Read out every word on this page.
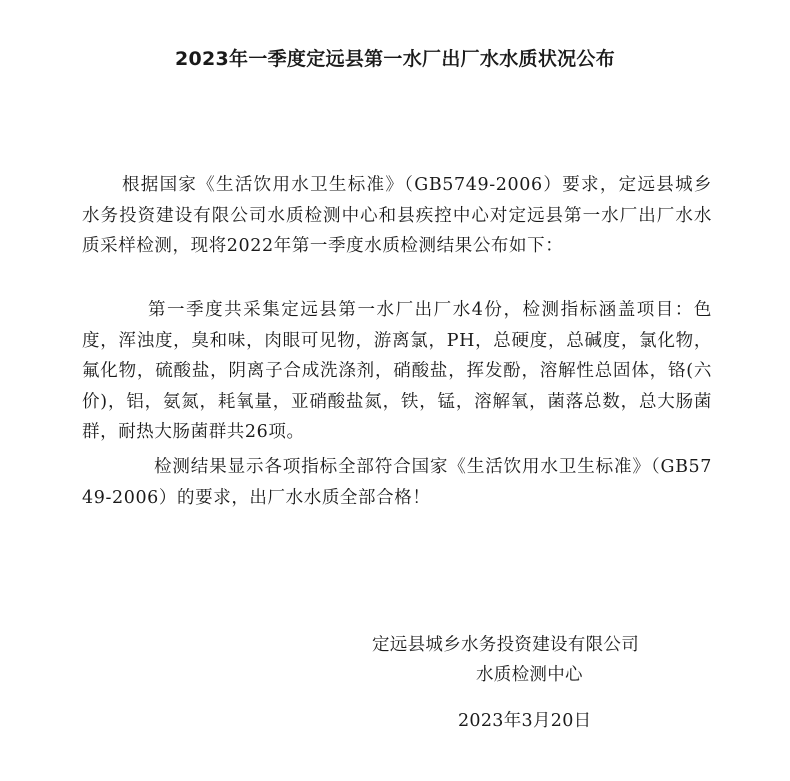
2023年一季度定远县第一水厂出厂水水质状况公布
根据国家《生活饮用水卫生标准》（GB5749-2006）要求，定远县城乡水务投资建设有限公司水质检测中心和县疾控中心对定远县第一水厂出厂水水质采样检测，现将2022年第一季度水质检测结果公布如下：
第一季度共采集定远县第一水厂出厂水4份，检测指标涵盖项目：色度，浑浊度，臭和味，肉眼可见物，游离氯，PH，总硬度，总碱度，氯化物，氟化物，硫酸盐，阴离子合成洗涤剂，硝酸盐，挥发酚，溶解性总固体，铬(六价)，铝，氨氮，耗氧量，亚硝酸盐氮，铁，锰，溶解氧，菌落总数，总大肠菌群，耐热大肠菌群共26项。
检测结果显示各项指标全部符合国家《生活饮用水卫生标准》（GB5749-2006）的要求，出厂水水质全部合格！
定远县城乡水务投资建设有限公司
水质检测中心
2023年3月20日
